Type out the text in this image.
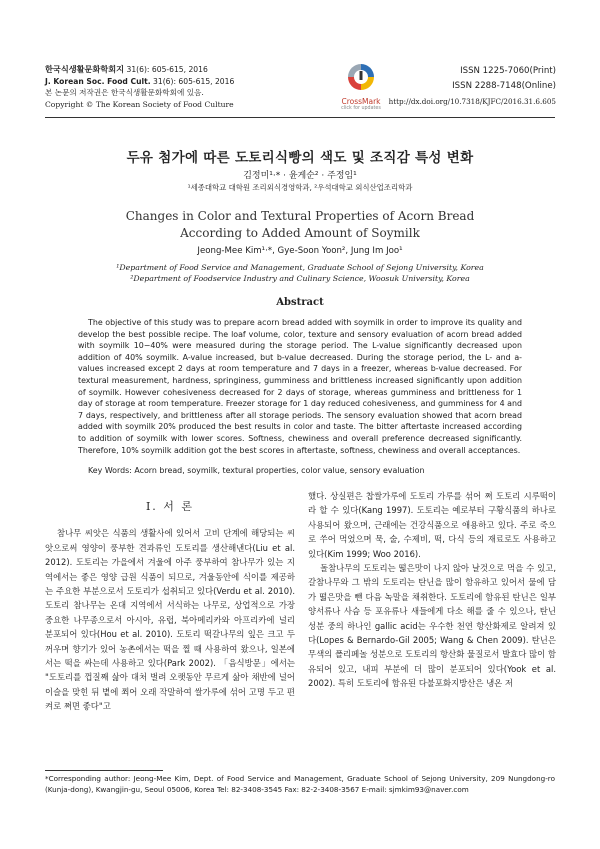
한국식생활문화학회지 31(6): 605-615, 2016
J. Korean Soc. Food Cult. 31(6): 605-615, 2016
본 논문의 저작권은 한국식생활문화학회에 있음.
Copyright © The Korean Society of Food Culture	CrossMark
click for updates
ISSN 1225-7060(Print)
ISSN 2288-7148(Online)
http://dx.doi.org/10.7318/KJFC/2016.31.6.605
두유 첨가에 따른 도토리식빵의 색도 및 조직감 특성 변화
김정미¹·* · 윤게순² · 주정임¹
¹세종대학교 대학원 조리외식경영학과, ²우석대학교 외식산업조리학과
Changes in Color and Textural Properties of Acorn Bread
According to Added Amount of Soymilk
Jeong-Mee Kim¹·*, Gye-Soon Yoon², Jung Im Joo¹
¹Department of Food Service and Management, Graduate School of Sejong University, Korea
²Department of Foodservice Industry and Culinary Science, Woosuk University, Korea
Abstract
The objective of this study was to prepare acorn bread added with soymilk in order to improve its quality and develop the best possible recipe. The loaf volume, color, texture and sensory evaluation of acorn bread added with soymilk 10−40% were measured during the storage period. The L-value significantly decreased upon addition of 40% soymilk. A-value increased, but b-value decreased. During the storage period, the L- and a- values increased except 2 days at room temperature and 7 days in a freezer, whereas b-value decreased. For textural measurement, hardness, springiness, gumminess and brittleness increased significantly upon addition of soymilk. However cohesiveness decreased for 2 days of storage, whereas gumminess and brittleness for 1 day of storage at room temperature. Freezer storage for 1 day reduced cohesiveness, and gumminess for 4 and 7 days, respectively, and brittleness after all storage periods. The sensory evaluation showed that acorn bread added with soymilk 20% produced the best results in color and taste. The bitter aftertaste increased according to addition of soymilk with lower scores. Softness, chewiness and overall preference decreased significantly. Therefore, 10% soymilk addition got the best scores in aftertaste, softness, chewiness and overall acceptances.
Key Words: Acorn bread, soymilk, textural properties, color value, sensory evaluation
I. 서 론

참나무 씨앗은 식품의 생활사에 있어서 고비 단계에 해당되는 씨앗으로써 영양이 풍부한 견과류인 도토리를 생산해낸다(Liu et al. 2012). 도토리는 가을에서 겨울에 아주 풍부하여 참나무가 있는 지역에서는 좋은 영양 급원 식품이 되므로, 겨울동안에 식이를 제공하는 주요한 부분으로서 도토리가 섭취되고 있다(Verdu et al. 2010). 도토리 참나무는 온대 지역에서 서식하는 나무로, 상업적으로 가장 중요한 나무종으로서 아시아, 유럽, 북아메리카와 아프리카에 널리 분포되어 있다(Hou et al. 2010). 도토리 떡갈나무의 잎은 크고 두꺼우며 향기가 있어 농촌에서는 떡을 찔 때 사용하여 왔으나, 일본에서는 떡을 싸는데 사용하고 있다(Park 2002). 「음식방문」에서는 "도토리를 껍질째 삶아 대처 벌려 오랫동안 무르게 삶아 채반에 널어 이슬을 맞힌 뒤 볕에 쬐어 오래 작말하여 쌀가루에 섞어 고명 두고 편 켜로 쪄면 좋다"고

했다. 상실편은 찹쌀가루에 도토리 가루를 섞어 쪄 도토리 시루떡이라 할 수 있다(Kang 1997). 도토리는 예로부터 구황식품의 하나로 사용되어 왔으며, 근래에는 건강식품으로 애용하고 있다. 주로 죽으로 쑤어 먹었으며 묵, 술, 수제비, 떡, 다식 등의 재료로도 사용하고 있다(Kim 1999; Woo 2016).

돌참나무의 도토리는 떫은맛이 나지 않아 날것으로 먹을 수 있고, 갈참나무와 그 밖의 도토리는 탄닌을 많이 함유하고 있어서 물에 담가 떫은맛을 뺀 다음 녹말을 채취한다. 도토리에 함유된 탄닌은 일부 양서류나 사슴 등 포유류나 새들에게 다소 해를 줄 수 있으나, 탄닌 성분 중의 하나인 gallic acid는 우수한 천연 항산화제로 알려져 있다(Lopes & Bernardo-Gil 2005; Wang & Chen 2009). 탄닌은 무색의 폴리페놀 성분으로 도토리의 항산화 물질로서 발효다 많이 함유되어 있고, 내피 부분에 더 많이 분포되어 있다(Yook et al. 2002). 특히 도토리에 함유된 다불포화지방산은 냉온 저

*Corresponding author: Jeong-Mee Kim, Dept. of Food Service and Management, Graduate School of Sejong University, 209 Nungdong-ro (Kunja-dong), Kwangjin-gu, Seoul 05006, Korea Tel: 82-3408-3545 Fax: 82-2-3408-3567 E-mail: sjmkim93@naver.com
